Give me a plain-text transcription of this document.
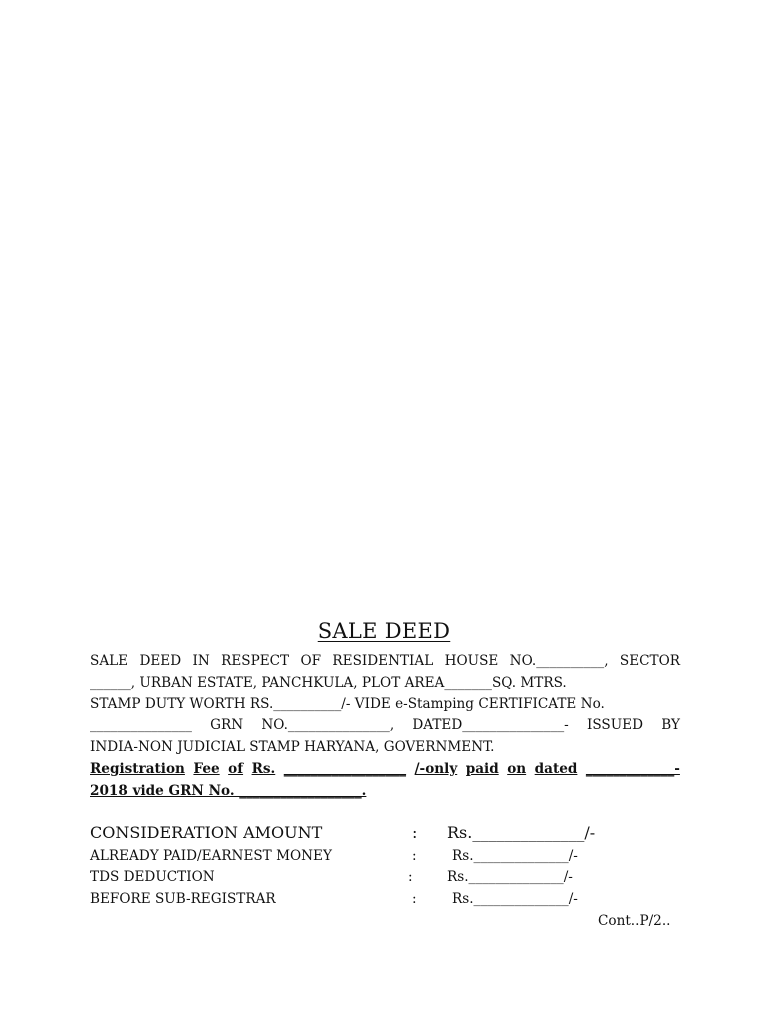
SALE DEED
SALE DEED IN RESPECT OF RESIDENTIAL HOUSE NO.__________, SECTOR
______, URBAN ESTATE, PANCHKULA, PLOT AREA_______SQ. MTRS.
STAMP DUTY WORTH RS.__________/- VIDE e-Stamping CERTIFICATE No.
_______________ GRN NO._______________, DATED_______________- ISSUED BY
INDIA-NON JUDICIAL STAMP HARYANA, GOVERNMENT.
Registration Fee of Rs. __________________ /-only paid on dated _____________-
2018 vide GRN No. __________________.
CONSIDERATION AMOUNT	: Rs.______________/-
ALREADY PAID/EARNEST MONEY	:	Rs.______________/-
TDS DEDUCTION	:	Rs.______________/-
BEFORE SUB-REGISTRAR	:	Rs.______________/-
Cont..P/2..
